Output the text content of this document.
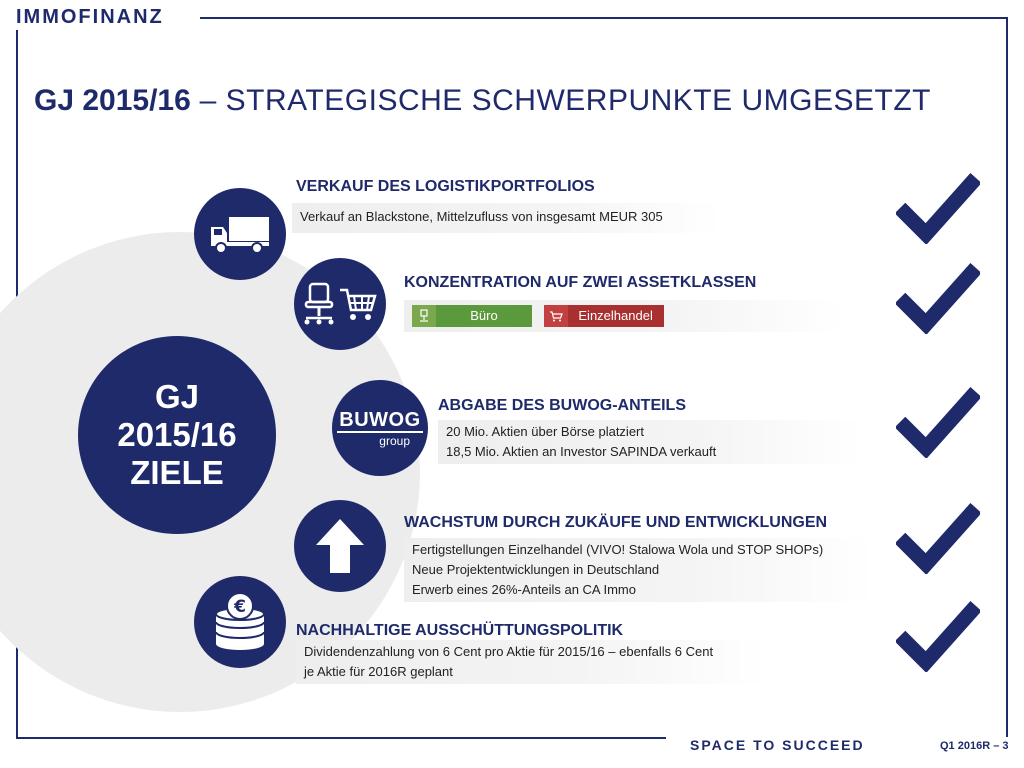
IMMOFINANZ
GJ 2015/16 – STRATEGISCHE SCHWERPUNKTE UMGESETZT
GJ
2015/16
ZIELE
VERKAUF DES LOGISTIKPORTFOLIOS
Verkauf an Blackstone, Mittelzufluss von insgesamt MEUR 305
KONZENTRATION AUF ZWEI ASSETKLASSEN
Büro
	Einzelhandel
BUWOG
group
ABGABE DES BUWOG-ANTEILS
20 Mio. Aktien über Börse platziert
18,5 Mio. Aktien an Investor SAPINDA verkauft
WACHSTUM DURCH ZUKÄUFE UND ENTWICKLUNGEN
Fertigstellungen Einzelhandel (VIVO! Stalowa Wola und STOP SHOPs)
Neue Projektentwicklungen in Deutschland
Erwerb eines 26%-Anteils an CA Immo
€
NACHHALTIGE AUSSCHÜTTUNGSPOLITIK
Dividendenzahlung von 6 Cent pro Aktie für 2015/16 – ebenfalls 6 Cent
je Aktie für 2016R geplant
SPACE TO SUCCEED	Q1 2016R – 3
